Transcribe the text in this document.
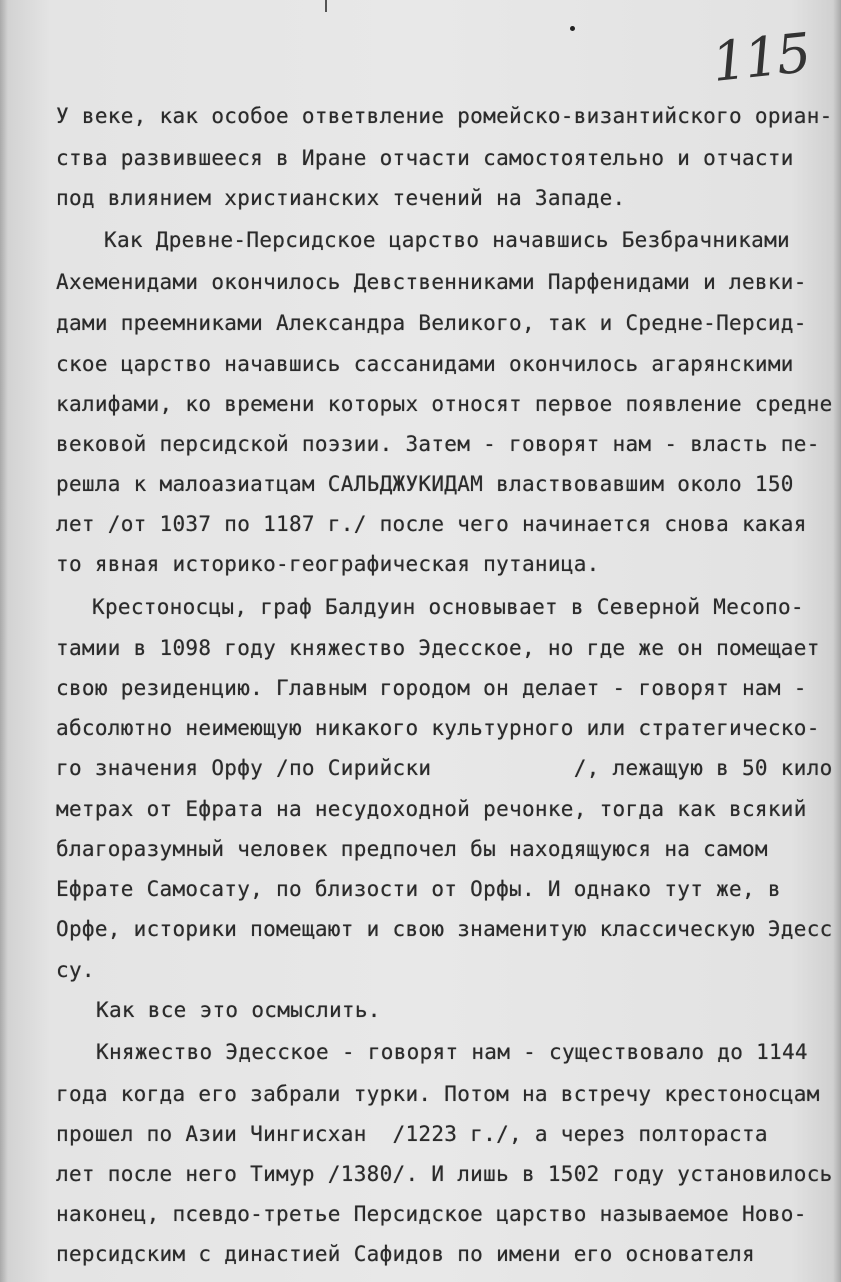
115
У веке, как особое ответвление ромейско-византийского ориан-
ства развившееся в Иране отчасти самостоятельно и отчасти
под влиянием христианских течений на Западе.
Как Древне-Персидское царство начавшись Безбрачниками
Ахеменидами окончилось Девственниками Парфенидами и левки-
дами преемниками Александра Великого, так и Средне-Персид-
ское царство начавшись сассанидами окончилось агарянскими
калифами, ко времени которых относят первое появление средне
вековой персидской поэзии. Затем - говорят нам - власть пе-
решла к малоазиатцам САЛЬДЖУКИДАМ властвовавшим около 150
лет /от 1037 по 1187 г./ после чего начинается снова какая
то явная историко-географическая путаница.
Крестоносцы, граф Балдуин основывает в Северной Месопо-
тамии в 1098 году княжество Эдесское, но где же он помещает
свою резиденцию. Главным городом он делает - говорят нам -
абсолютно неимеющую никакого культурного или стратегическо-
го значения Орфу /по Сирийски           /, лежащую в 50 кило
метрах от Ефрата на несудоходной речонке, тогда как всякий
благоразумный человек предпочел бы находящуюся на самом
Ефрате Самосату, по близости от Орфы. И однако тут же, в
Орфе, историки помещают и свою знаменитую классическую Эдесс
су.
Как все это осмыслить.
Княжество Эдесское - говорят нам - существовало до 1144
года когда его забрали турки. Потом на встречу крестоносцам
прошел по Азии Чингисхан  /1223 г./, а через полтораста
лет после него Тимур /1380/. И лишь в 1502 году установилось
наконец, псевдо-третье Персидское царство называемое Ново-
персидским с династией Сафидов по имени его основателя
